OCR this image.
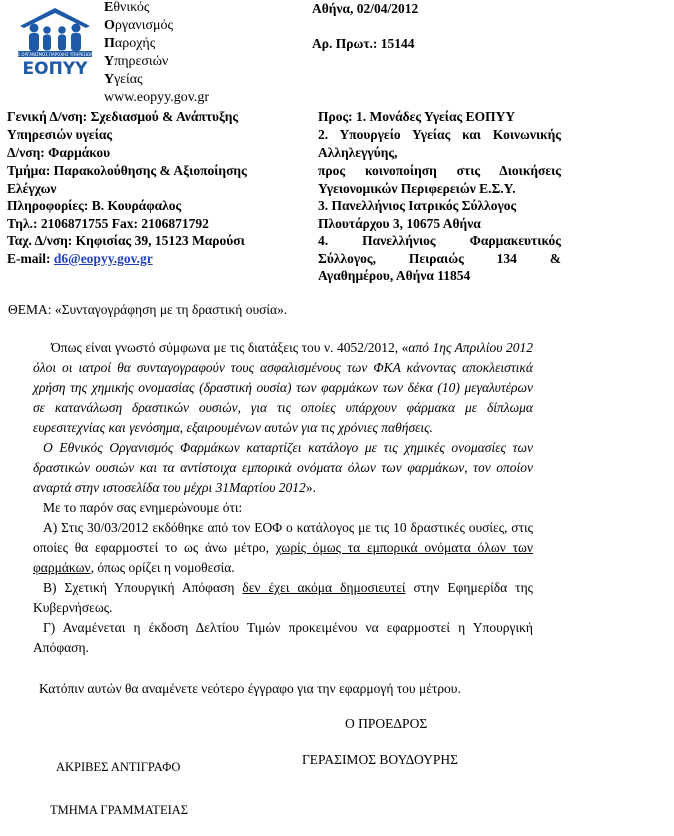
ΕΘΝΙΚΟΣ ΟΡΓΑΝΙΣΜΟΣ ΠΑΡΟΧΗΣ ΥΠΗΡΕΣΙΩΝ ΥΓΕΙΑΣ
ΕΟΠΥΥ
Εθνικός
Οργανισμός
Παροχής
Υπηρεσιών
Υγείας
www.eopyy.gov.gr
Αθήνα, 02/04/2012
Αρ. Πρωτ.: 15144
Γενική Δ/νση: Σχεδιασμού & Ανάπτυξης
Υπηρεσιών υγείας
Δ/νση: Φαρμάκου
Τμήμα: Παρακολούθησης & Αξιοποίησης
Ελέγχων
Πληροφορίες: Β. Κουράφαλος
Τηλ.: 2106871755 Fax: 2106871792
Ταχ. Δ/νση: Κηφισίας 39, 15123 Μαρούσι
E-mail: d6@eopyy.gov.gr
Προς: 1. Μονάδες Υγείας ΕΟΠΥΥ
2. Υπουργείο Υγείας και Κοινωνικής
Αλληλεγγύης,
προς κοινοποίηση στις Διοικήσεις
Υγειονομικών Περιφερειών Ε.Σ.Υ.
3. Πανελλήνιος Ιατρικός Σύλλογος
Πλουτάρχου 3, 10675 Αθήνα
4. Πανελλήνιος Φαρμακευτικός
Σύλλογος, Πειραιώς 134 &
Αγαθημέρου, Αθήνα 11854
ΘΕΜΑ: «Συνταγογράφηση με τη δραστική ουσία».

Όπως είναι γνωστό σύμφωνα με τις διατάξεις του ν. 4052/2012, «από 1ης Απριλίου 2012 όλοι οι ιατροί θα συνταγογραφούν τους ασφαλισμένους των ΦΚΑ κάνοντας αποκλειστικά χρήση της χημικής ονομασίας (δραστική ουσία) των φαρμάκων των δέκα (10) μεγαλυτέρων σε κατανάλωση δραστικών ουσιών, για τις οποίες υπάρχουν φάρμακα με δίπλωμα ευρεσιτεχνίας και γενόσημα, εξαιρουμένων αυτών για τις χρόνιες παθήσεις.

Ο Εθνικός Οργανισμός Φαρμάκων καταρτίζει κατάλογο με τις χημικές ονομασίες των δραστικών ουσιών και τα αντίστοιχα εμπορικά ονόματα όλων των φαρμάκων, τον οποίον αναρτά στην ιστοσελίδα του μέχρι 31Μαρτίου 2012».

Με το παρόν σας ενημερώνουμε ότι:

Α) Στις 30/03/2012 εκδόθηκε από τον ΕΟΦ ο κατάλογος με τις 10 δραστικές ουσίες, στις οποίες θα εφαρμοστεί το ως άνω μέτρο, χωρίς όμως τα εμπορικά ονόματα όλων των φαρμάκων, όπως ορίζει η νομοθεσία.

Β) Σχετική Υπουργική Απόφαση δεν έχει ακόμα δημοσιευτεί στην Εφημερίδα της Κυβερνήσεως.

Γ) Αναμένεται η έκδοση Δελτίου Τιμών προκειμένου να εφαρμοστεί η Υπουργική Απόφαση.

Κατόπιν αυτών θα αναμένετε νεότερο έγγραφο για την εφαρμογή του μέτρου.
Ο ΠΡΟΕΔΡΟΣ
ΓΕΡΑΣΙΜΟΣ ΒΟΥΔΟΥΡΗΣ
ΑΚΡΙΒΕΣ ΑΝΤΙΓΡΑΦΟ
ΤΜΗΜΑ ΓΡΑΜΜΑΤΕΙΑΣ
